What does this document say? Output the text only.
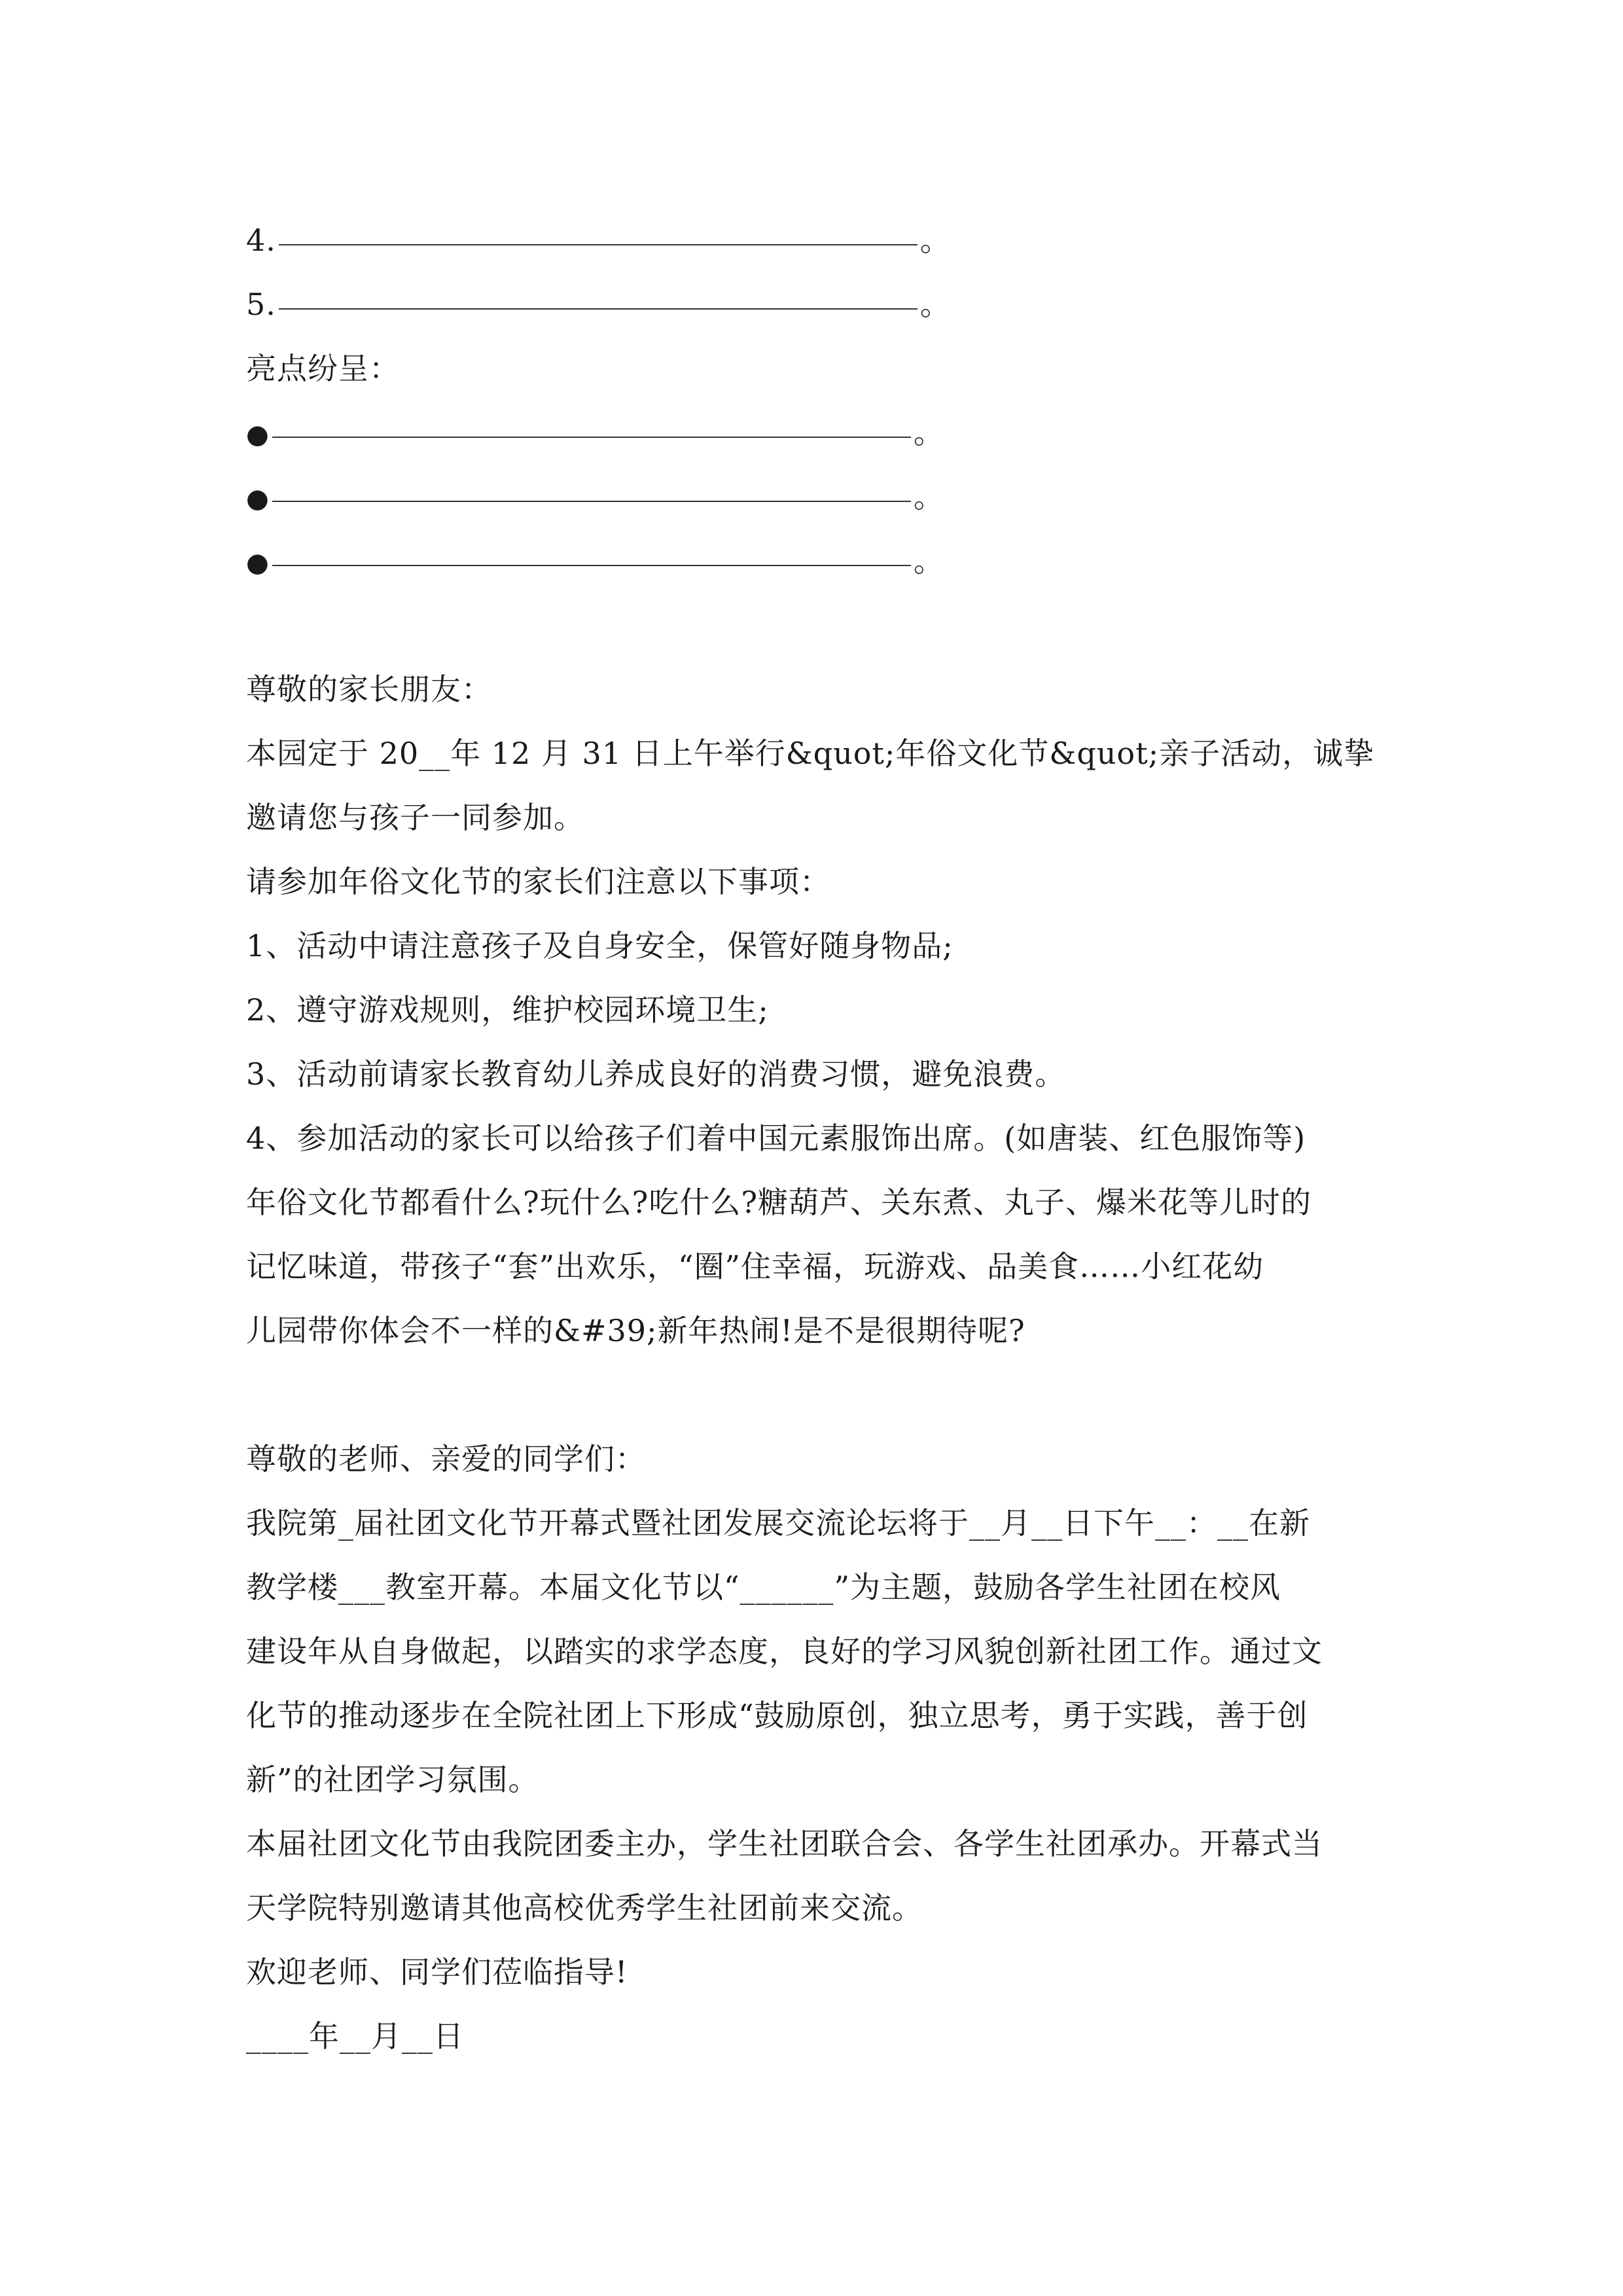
4.	。
5.	。
亮点纷呈：
●	。
●	。
●	。
尊敬的家长朋友：
本园定于 20__年 12 月 31 日上午举行&quot;年俗文化节&quot;亲子活动，诚挚
邀请您与孩子一同参加。
请参加年俗文化节的家长们注意以下事项：
1、活动中请注意孩子及自身安全，保管好随身物品;
2、遵守游戏规则，维护校园环境卫生;
3、活动前请家长教育幼儿养成良好的消费习惯，避免浪费。
4、参加活动的家长可以给孩子们着中国元素服饰出席。(如唐装、红色服饰等)
年俗文化节都看什么?玩什么?吃什么?糖葫芦、关东煮、丸子、爆米花等儿时的
记忆味道，带孩子“套”出欢乐，“圈”住幸福，玩游戏、品美食……小红花幼
儿园带你体会不一样的&#39;新年热闹!是不是很期待呢?
尊敬的老师、亲爱的同学们：
我院第_届社团文化节开幕式暨社团发展交流论坛将于__月__日下午__：__在新
教学楼___教室开幕。本届文化节以“______”为主题，鼓励各学生社团在校风
建设年从自身做起，以踏实的求学态度，良好的学习风貌创新社团工作。通过文
化节的推动逐步在全院社团上下形成“鼓励原创，独立思考，勇于实践，善于创
新”的社团学习氛围。
本届社团文化节由我院团委主办，学生社团联合会、各学生社团承办。开幕式当
天学院特别邀请其他高校优秀学生社团前来交流。
欢迎老师、同学们莅临指导!
____年__月__日
